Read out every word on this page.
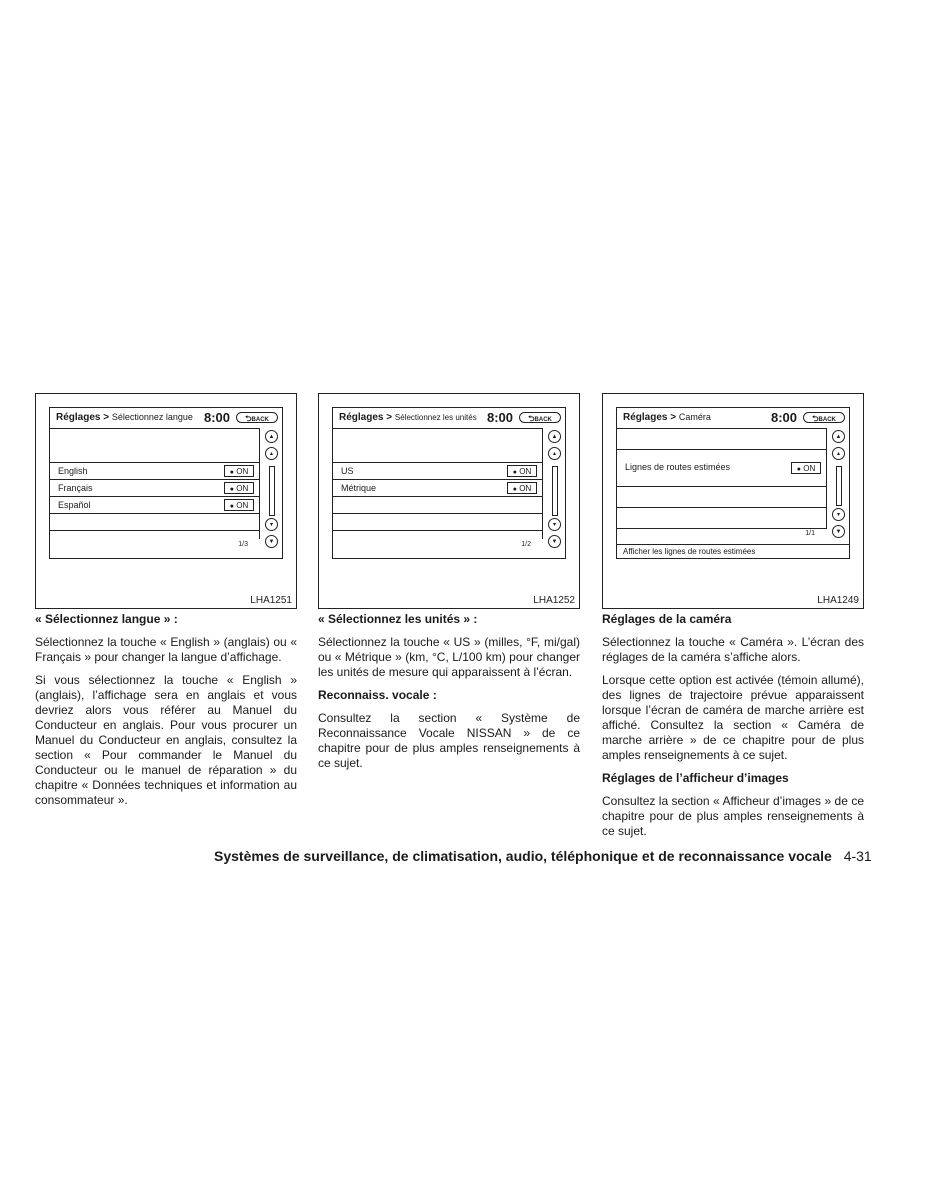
Réglages > Sélectionnez langue 8:00	⮌BACK
English	● ON
Français	● ON
Español	● ON
1/3
▲
▴
▾
▼
LHA1251
Réglages > Sélectionnez les unités 8:00	⮌BACK
US	● ON
Métrique	● ON
1/2
▲
▴
▾
▼
LHA1252
Réglages > Caméra	8:00	⮌BACK
Lignes de routes estimées	● ON
1/1
▲
▴
▾
▼
Afficher les lignes de routes estimées
LHA1249
« Sélectionnez langue » :

Sélectionnez la touche « English » (anglais) ou « Français » pour changer la langue d’affichage.

Si vous sélectionnez la touche « English » (anglais), l’affichage sera en anglais et vous devriez alors vous référer au Manuel du Conducteur en anglais. Pour vous procurer un Manuel du Conducteur en anglais, consultez la section « Pour commander le Manuel du Conducteur ou le manuel de réparation » du chapitre « Données techniques et information au consommateur ».

« Sélectionnez les unités » :

Sélectionnez la touche « US » (milles, °F, mi/gal) ou « Métrique » (km, °C, L/100 km) pour changer les unités de mesure qui apparaissent à l’écran.

Reconnaiss. vocale :

Consultez la section « Système de Reconnaissance Vocale NISSAN » de ce chapitre pour de plus amples renseignements à ce sujet.

Réglages de la caméra

Sélectionnez la touche « Caméra ». L’écran des réglages de la caméra s’affiche alors.

Lorsque cette option est activée (témoin allumé), des lignes de trajectoire prévue apparaissent lorsque l’écran de caméra de marche arrière est affiché. Consultez la section « Caméra de marche arrière » de ce chapitre pour de plus amples renseignements à ce sujet.

Réglages de l’afficheur d’images

Consultez la section « Afficheur d’images » de ce chapitre pour de plus amples renseignements à ce sujet.

Systèmes de surveillance, de climatisation, audio, téléphonique et de reconnaissance vocale 4-31
